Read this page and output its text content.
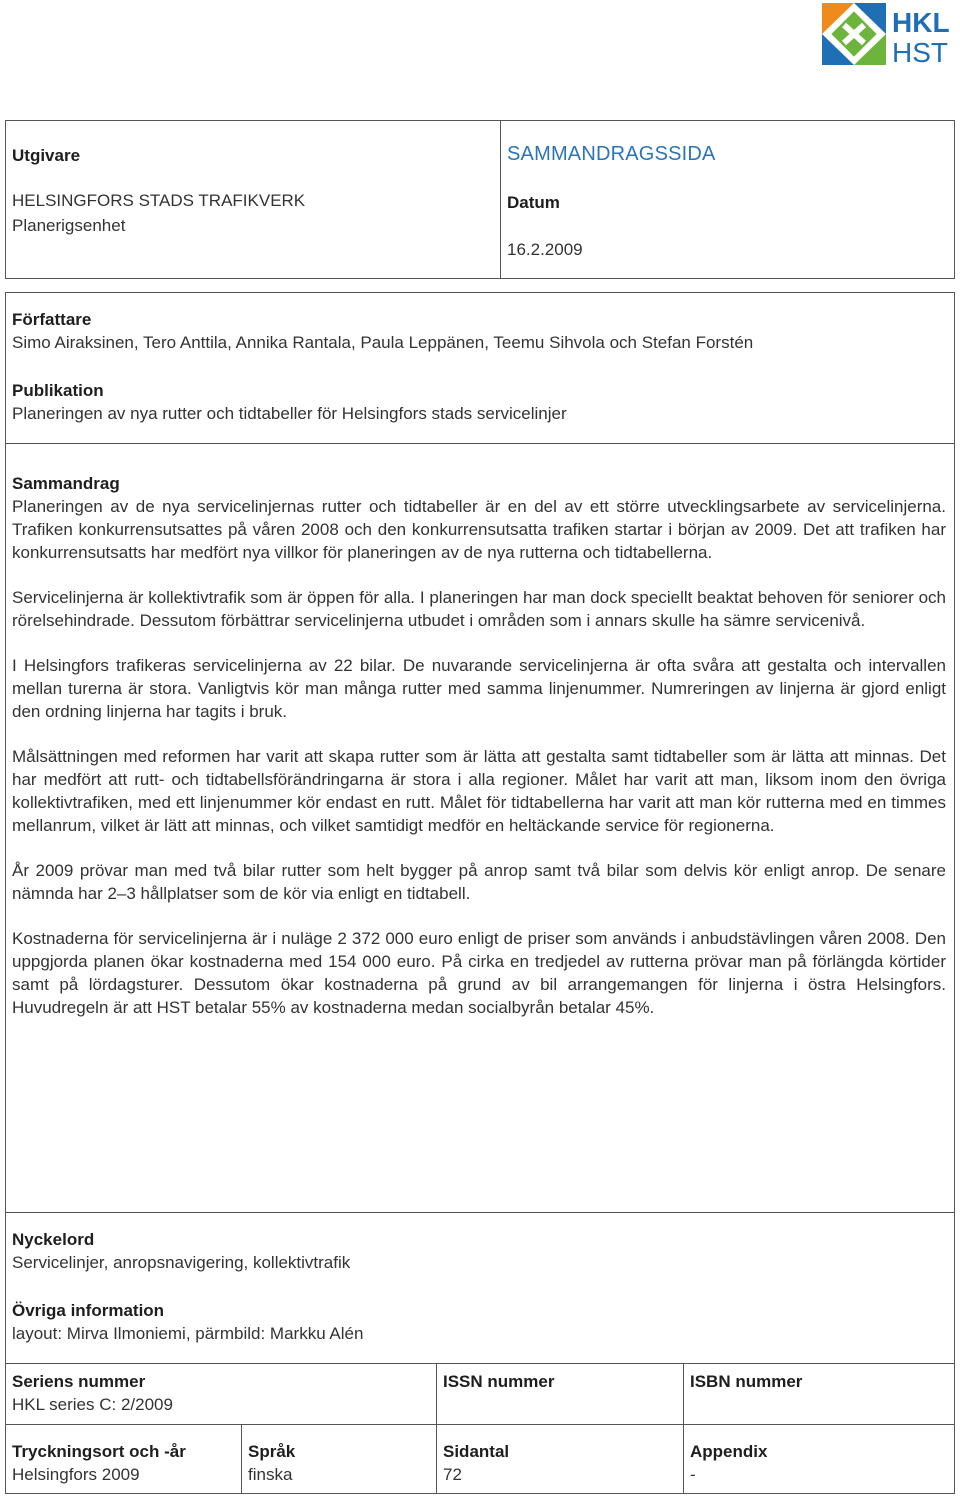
HKL
HST
Utgivare
HELSINGFORS STADS TRAFIKVERK
Planerigsenhet
SAMMANDRAGSSIDA
Datum
16.2.2009
Författare
Simo Airaksinen, Tero Anttila, Annika Rantala, Paula Leppänen, Teemu Sihvola och Stefan Forstén
Publikation
Planeringen av nya rutter och tidtabeller för Helsingfors stads servicelinjer
Sammandrag

Planeringen av de nya servicelinjernas rutter och tidtabeller är en del av ett större utvecklingsarbete av servicelinjerna. Trafiken konkurrensutsattes på våren 2008 och den konkurrensutsatta trafiken startar i början av 2009. Det att trafiken har konkurrensutsatts har medfört nya villkor för planeringen av de nya rutterna och tidtabellerna.

Servicelinjerna är kollektivtrafik som är öppen för alla. I planeringen har man dock speciellt beaktat behoven för seniorer och rörelsehindrade. Dessutom förbättrar servicelinjerna utbudet i områden som i annars skulle ha sämre servicenivå.

I Helsingfors trafikeras servicelinjerna av 22 bilar. De nuvarande servicelinjerna är ofta svåra att gestalta och intervallen mellan turerna är stora. Vanligtvis kör man många rutter med samma linjenummer. Numreringen av linjerna är gjord enligt den ordning linjerna har tagits i bruk.

Målsättningen med reformen har varit att skapa rutter som är lätta att gestalta samt tidtabeller som är lätta att minnas. Det har medfört att rutt- och tidtabellsförändringarna är stora i alla regioner. Målet har varit att man, liksom inom den övriga kollektivtrafiken, med ett linjenummer kör endast en rutt. Målet för tidtabellerna har varit att man kör rutterna med en timmes mellanrum, vilket är lätt att minnas, och vilket samtidigt medför en heltäckande service för regionerna.

År 2009 prövar man med två bilar rutter som helt bygger på anrop samt två bilar som delvis kör enligt anrop. De senare nämnda har 2–3 hållplatser som de kör via enligt en tidtabell.

Kostnaderna för servicelinjerna är i nuläge 2 372 000 euro enligt de priser som används i anbudstävlingen våren 2008. Den uppgjorda planen ökar kostnaderna med 154 000 euro. På cirka en tredjedel av rutterna prövar man på förlängda körtider samt på lördagsturer. Dessutom ökar kostnaderna på grund av bil arrangemangen för linjerna i östra Helsingfors. Huvudregeln är att HST betalar 55% av kostnaderna medan socialbyrån betalar 45%.

Nyckelord
Servicelinjer, anropsnavigering, kollektivtrafik
Övriga information
layout: Mirva Ilmoniemi, pärmbild: Markku Alén
Seriens nummer
HKL series C: 2/2009
ISSN nummer	ISBN nummer
Tryckningsort och -år
Helsingfors 2009
Språk
finska
Sidantal
72
Appendix
-
